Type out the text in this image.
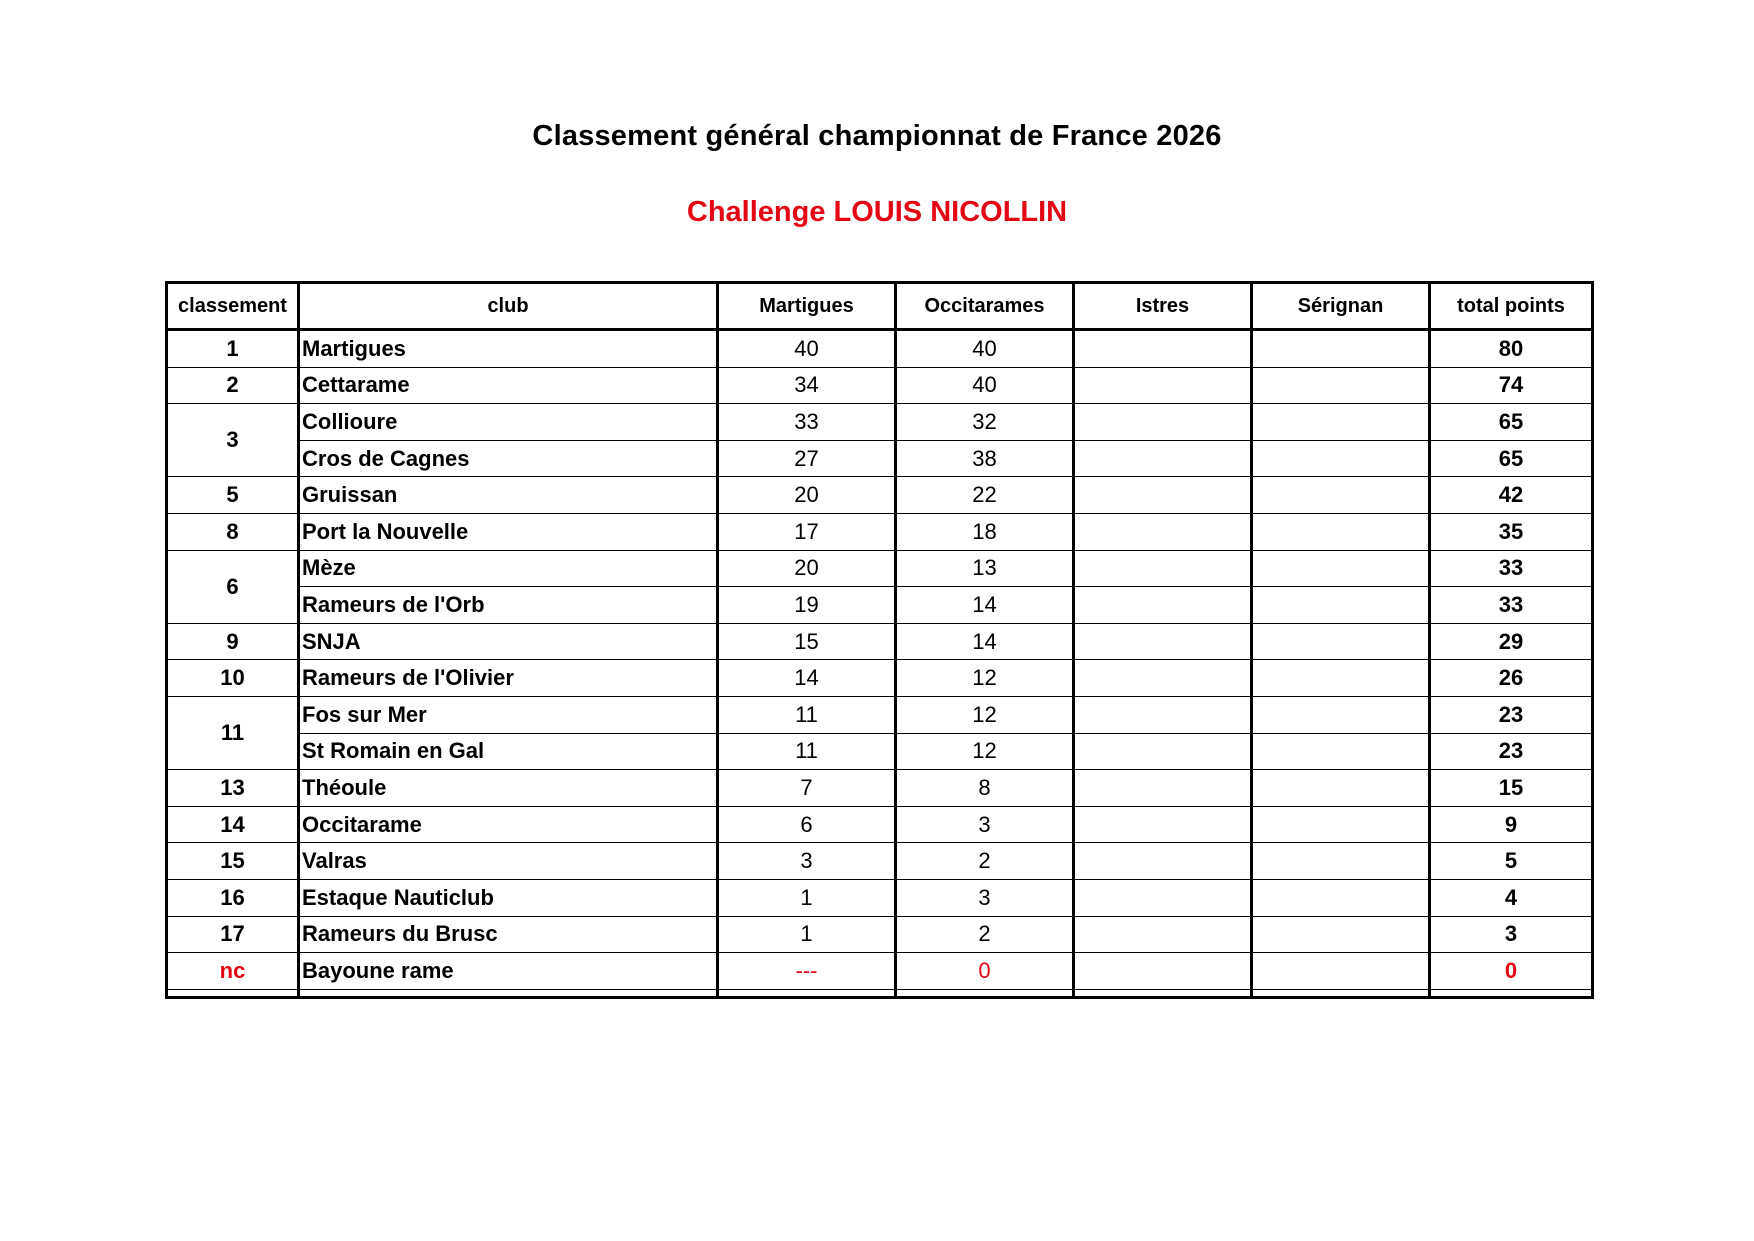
Classement général championnat de France 2026
Challenge LOUIS NICOLLIN
classement	club	Martigues	Occitarames	Istres	Sérignan	total points
1	Martigues	40	40			80
2	Cettarame	34	40			74
3	Collioure	33	32			65
	Cros de Cagnes	27	38			65
5	Gruissan	20	22			42
8	Port la Nouvelle	17	18			35
6	Mèze	20	13			33
	Rameurs de l'Orb	19	14			33
9	SNJA	15	14			29
10	Rameurs de l'Olivier	14	12			26
11	Fos sur Mer	11	12			23
	St Romain en Gal	11	12			23
13	Théoule	7	8			15
14	Occitarame	6	3			9
15	Valras	3	2			5
16	Estaque Nauticlub	1	3			4
17	Rameurs du Brusc	1	2			3
nc	Bayoune rame	---	0			0
